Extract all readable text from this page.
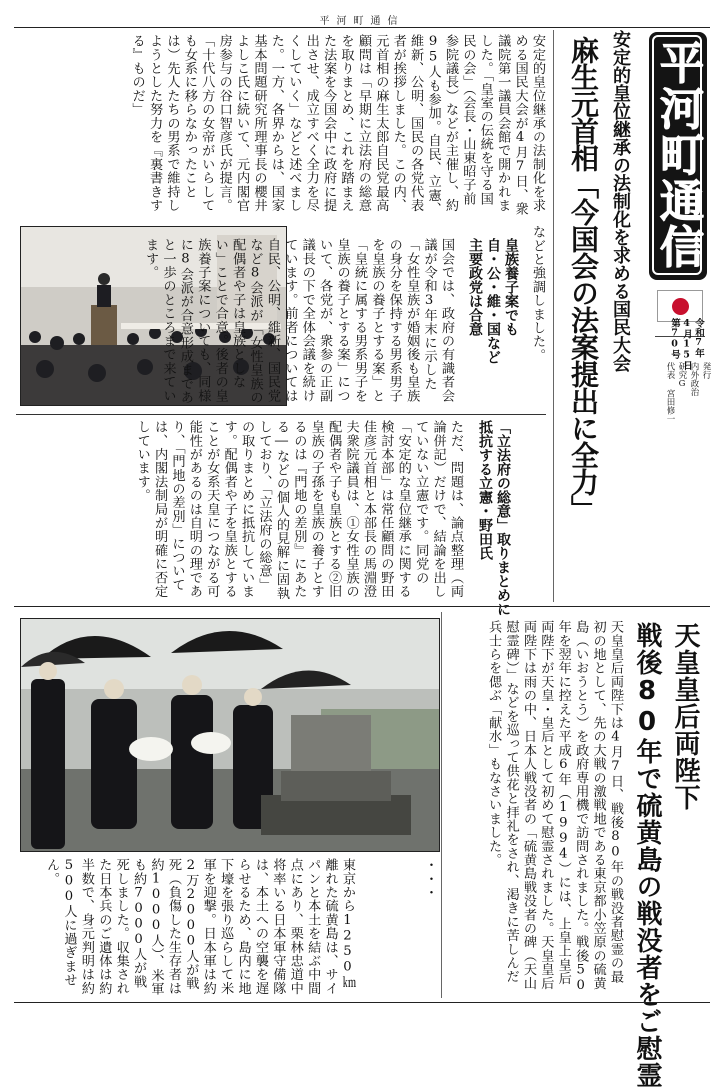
平河町通信
平河町通信
令和7年
4月15日
第70号
発行
内外政治
研究G
代表 宮田修一
安定的皇位継承の法制化を求める国民大会
麻生元首相「今国会の法案提出に全力」
安定的皇位継承の法制化を求める国民大会が4月7日、衆議院第一議員会館で開かれました。「皇室の伝統を守る国民の会」（会長・山東昭子前参院議長）などが主催し、約95人も参加。自民、立憲、維新、公明、国民の各党代表者が挨拶しました。この内、元首相の麻生太郎自民党最高顧問は「早期に立法府の総意を取りまとめ、これを踏まえた法案を今国会中に政府に提出させ、成立すべく全力を尽くしていく」などと述べました。一方、各界からは、国家基本問題研究所理事長の櫻井よしこ氏に続いて、元内閣官房参与の谷口智彦氏が提言。「十代八方の女帝がいらしても女系に移らなかったことは）先人たちの男系で維持しようとした努力を『裏書きする』ものだ」
などと強調しました。
皇族養子案でも
自・公・維・国など
主要政党は合意
国会では、政府の有識者会議が令和3年末に示した「女性皇族が婚姻後も皇族の身分を保持する男系男子を皇族の養子とする案」と「皇統に属する男系男子を皇族の養子とする案」について、各党が、衆参の正副議長の下で全体会議を続けています。前者については自民、公明、維新、国民党など8会派が「女性皇族の配偶者や子は皇族としない」ことで合意。後者の皇族養子案についても、同様に8会派が合意形成まであと一歩のところまで来ています。
「立法府の総意」取りまとめに
抵抗する立憲・野田氏
ただ、問題は、論点整理（両論併記）だけで、結論を出していない立憲です。同党の「安定的な皇位継承に関する検討本部」は常任顧問の野田佳彦元首相と本部長の馬淵澄夫衆院議員は、①女性皇族の配偶者や子も皇族とする②旧皇族の子孫を皇族の養子とするのは『門地の差別』にあたる―などの個人的見解に固執しており、「立法府の総意」の取りまとめに抵抗しています。配偶者や子を皇族とすることが女系天皇につながる可能性があるのは自明の理であり、「門地の差別」については、内閣法制局が明確に否定しています。
天皇皇后両陛下
戦後80年で硫黄島の戦没者をご慰霊
天皇皇后両陛下は4月7日、戦後80年の戦没者慰霊の最初の地として、先の大戦の激戦地である東京都小笠原の硫黄島（いおうとう）を政府専用機で訪問されました。戦後50年を翌年に控えた平成6年（1994）には、上皇上皇后両陛下が天皇・皇后として初めて慰霊されました。天皇皇后両陛下は雨の中、日本人戦没者の「硫黄島戦没者の碑（天山慰霊碑）」などを巡って供花と拝礼をされ、渇きに苦しんだ兵士らを偲ぶ「献水」もなさいました。
・・・
東京から1250㎞離れた硫黄島は、サイパンと本土を結ぶ中間点にあり、栗林忠道中将率いる日本軍守備隊は、本土への空襲を遅らせるため、島内に地下壕を張り巡らして米軍を迎撃。日本軍は約2万2000人が戦死（負傷した生存者は約1000人）、米軍も約7000人が戦死しました。収集された日本兵のご遺体は約半数で、身元判明は約500人に過ぎません。
